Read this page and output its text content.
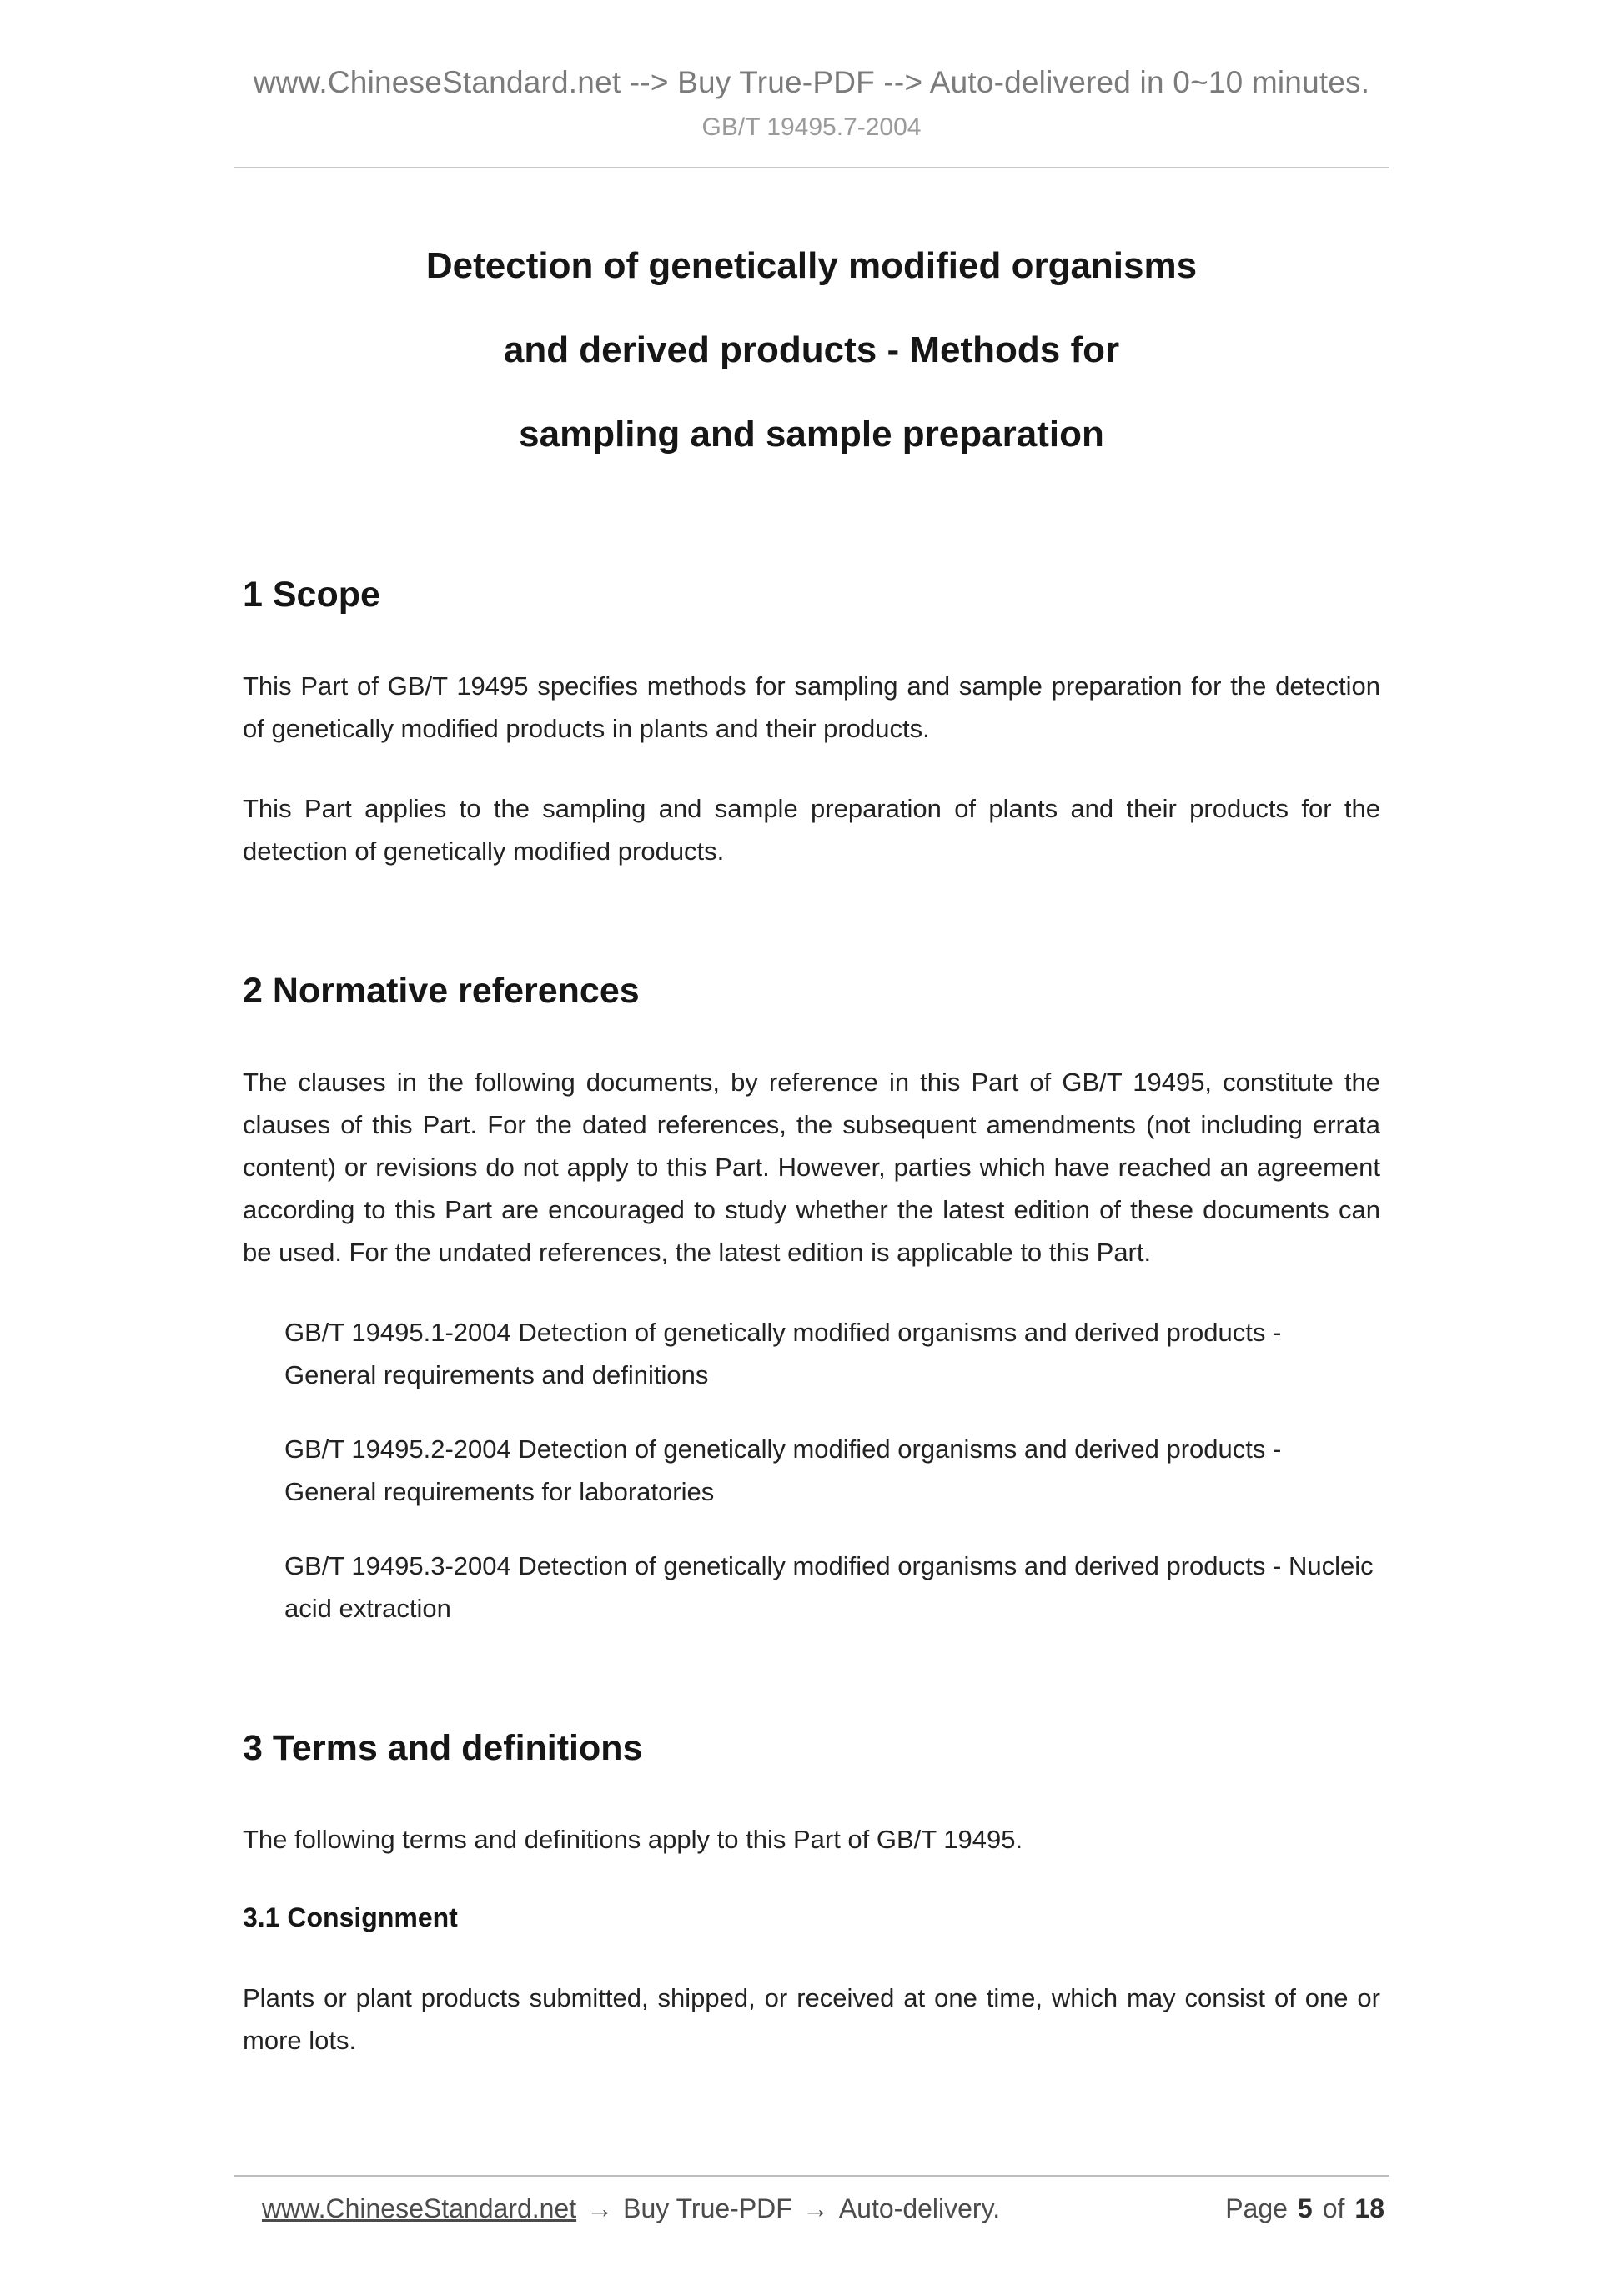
www.ChineseStandard.net --> Buy True-PDF --> Auto-delivered in 0~10 minutes.
GB/T 19495.7-2004
Detection of genetically modified organisms
and derived products - Methods for
sampling and sample preparation
1 Scope

This Part of GB/T 19495 specifies methods for sampling and sample preparation for the detection of genetically modified products in plants and their products.

This Part applies to the sampling and sample preparation of plants and their products for the detection of genetically modified products.

2 Normative references

The clauses in the following documents, by reference in this Part of GB/T 19495, constitute the clauses of this Part. For the dated references, the subsequent amendments (not including errata content) or revisions do not apply to this Part. However, parties which have reached an agreement according to this Part are encouraged to study whether the latest edition of these documents can be used. For the undated references, the latest edition is applicable to this Part.

GB/T 19495.1-2004 Detection of genetically modified organisms and derived products - General requirements and definitions

GB/T 19495.2-2004 Detection of genetically modified organisms and derived products - General requirements for laboratories

GB/T 19495.3-2004 Detection of genetically modified organisms and derived products - Nucleic acid extraction

3 Terms and definitions

The following terms and definitions apply to this Part of GB/T 19495.

3.1 Consignment

Plants or plant products submitted, shipped, or received at one time, which may consist of one or more lots.

www.ChineseStandard.net → Buy True-PDF → Auto-delivery.	Page 5 of 18
